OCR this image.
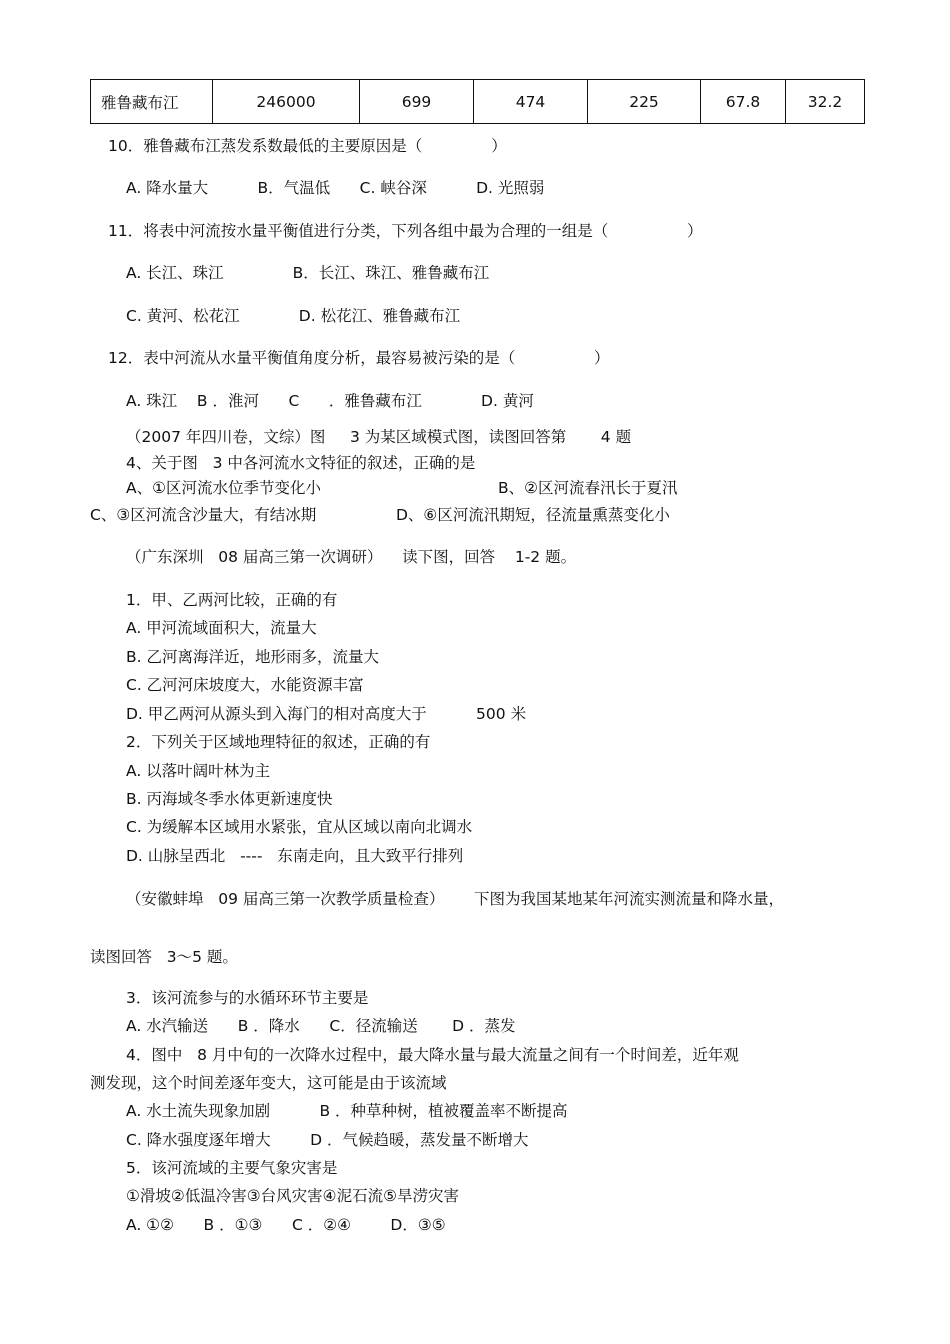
雅鲁藏布江	246000	699	474	225	67.8	32.2
10．雅鲁藏布江蒸发系数最低的主要原因是（              ）
A. 降水量大          B．气温低      C. 峡谷深          D. 光照弱
11．将表中河流按水量平衡值进行分类，下列各组中最为合理的一组是（                ）
A. 长江、珠江              B．长江、珠江、雅鲁藏布江
C. 黄河、松花江            D. 松花江、雅鲁藏布江
12．表中河流从水量平衡值角度分析，最容易被污染的是（                ）
A. 珠江    B ．淮河      C      ．雅鲁藏布江            D. 黄河
（2007 年四川卷，文综）图     3 为某区域模式图，读图回答第       4 题
4、关于图   3 中各河流水文特征的叙述，正确的是
A、①区河流水位季节变化小	B、②区河流春汛长于夏汛
C、③区河流含沙量大，有结冰期	D、⑥区河流汛期短，径流量熏蒸变化小
（广东深圳   08 届高三第一次调研）    读下图，回答    1-2 题。
1．甲、乙两河比较，正确的有
A. 甲河流域面积大，流量大
B. 乙河离海洋近，地形雨多，流量大
C. 乙河河床坡度大，水能资源丰富
D. 甲乙两河从源头到入海门的相对高度大于          500 米
2．下列关于区域地理特征的叙述，正确的有
A. 以落叶阔叶林为主
B. 丙海域冬季水体更新速度快
C. 为缓解本区域用水紧张，宜从区域以南向北调水
D. 山脉呈西北   ----   东南走向，且大致平行排列
（安徽蚌埠   09 届高三第一次教学质量检查）      下图为我国某地某年河流实测流量和降水量，
读图回答   3～5 题。
3．该河流参与的水循环环节主要是
A. 水汽输送      B ．降水      C．径流输送       D ．蒸发
4．图中   8 月中旬的一次降水过程中，最大降水量与最大流量之间有一个时间差，近年观
测发现，这个时间差逐年变大，这可能是由于该流域
A. 水土流失现象加剧          B ．种草种树，植被覆盖率不断提高
C. 降水强度逐年增大        D ．气候趋暖，蒸发量不断增大
5．该河流域的主要气象灾害是
①滑坡②低温冷害③台风灾害④泥石流⑤旱涝灾害
A. ①②      B ．①③      C ．②④        D．③⑤
